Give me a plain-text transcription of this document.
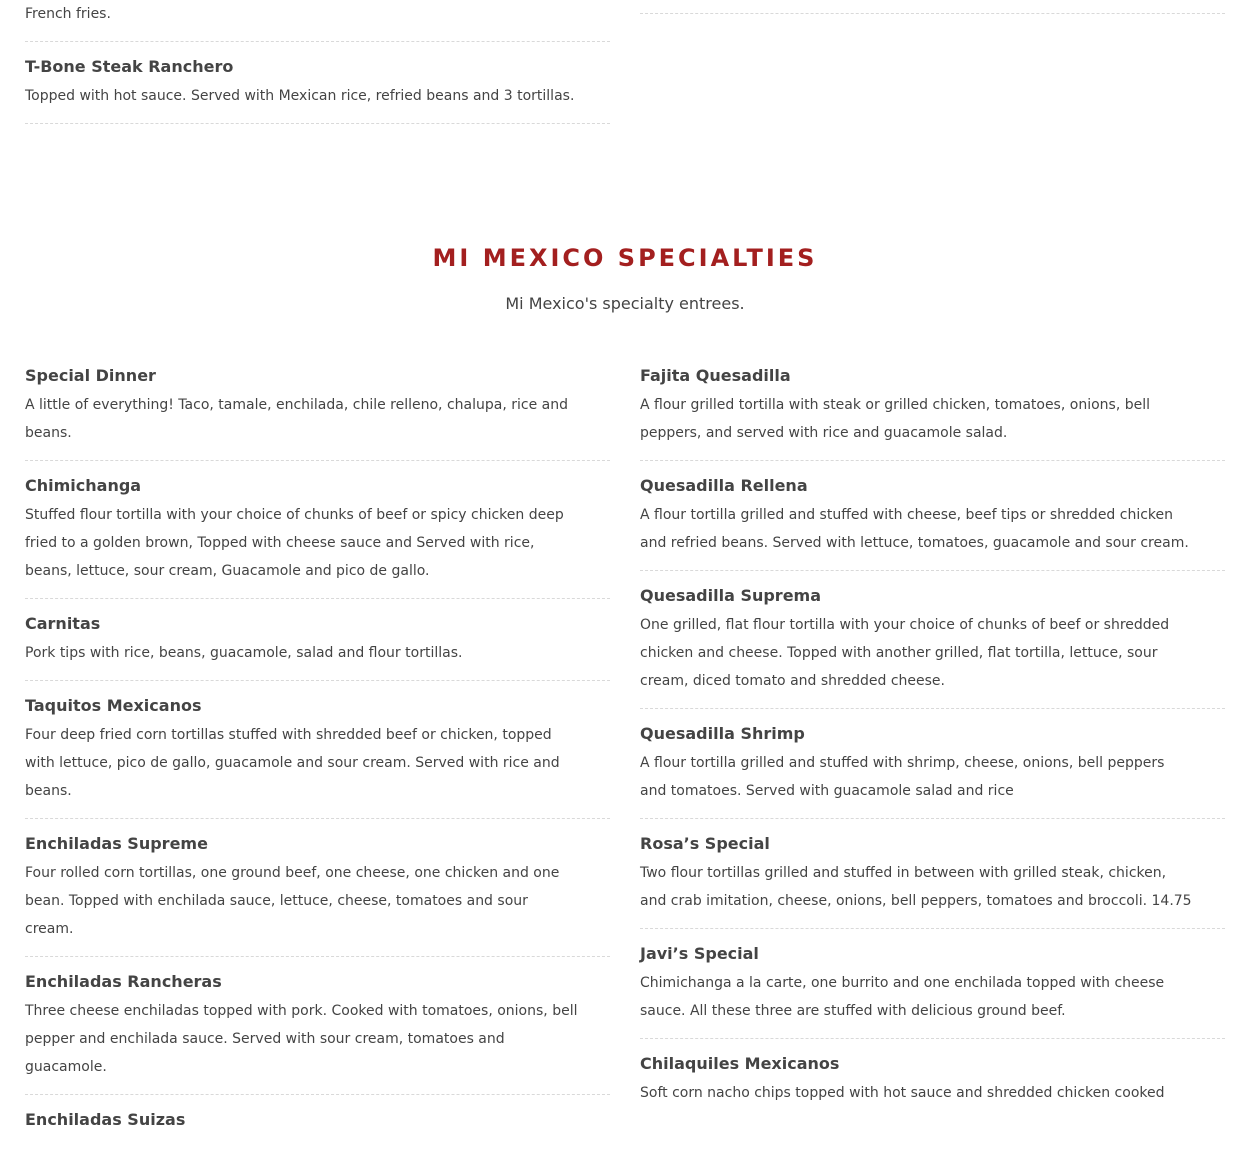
French fries.

T-Bone Steak Ranchero

Topped with hot sauce. Served with Mexican rice, refried beans and 3 tortillas.

MI MEXICO SPECIALTIES

Mi Mexico's specialty entrees.

Special Dinner

A little of everything! Taco, tamale, enchilada, chile relleno, chalupa, rice and beans.

Chimichanga

Stuffed flour tortilla with your choice of chunks of beef or spicy chicken deep fried to a golden brown, Topped with cheese sauce and Served with rice, beans, lettuce, sour cream, Guacamole and pico de gallo.

Carnitas

Pork tips with rice, beans, guacamole, salad and flour tortillas.

Taquitos Mexicanos

Four deep fried corn tortillas stuffed with shredded beef or chicken, topped with lettuce, pico de gallo, guacamole and sour cream. Served with rice and beans.

Enchiladas Supreme

Four rolled corn tortillas, one ground beef, one cheese, one chicken and one bean. Topped with enchilada sauce, lettuce, cheese, tomatoes and sour cream.

Enchiladas Rancheras

Three cheese enchiladas topped with pork. Cooked with tomatoes, onions, bell pepper and enchilada sauce. Served with sour cream, tomatoes and guacamole.

Enchiladas Suizas

Fajita Quesadilla

A flour grilled tortilla with steak or grilled chicken, tomatoes, onions, bell peppers, and served with rice and guacamole salad.

Quesadilla Rellena

A flour tortilla grilled and stuffed with cheese, beef tips or shredded chicken and refried beans. Served with lettuce, tomatoes, guacamole and sour cream.

Quesadilla Suprema

One grilled, flat flour tortilla with your choice of chunks of beef or shredded chicken and cheese. Topped with another grilled, flat tortilla, lettuce, sour cream, diced tomato and shredded cheese.

Quesadilla Shrimp

A flour tortilla grilled and stuffed with shrimp, cheese, onions, bell peppers and tomatoes. Served with guacamole salad and rice

Rosa’s Special

Two flour tortillas grilled and stuffed in between with grilled steak, chicken, and crab imitation, cheese, onions, bell peppers, tomatoes and broccoli. 14.75

Javi’s Special

Chimichanga a la carte, one burrito and one enchilada topped with cheese sauce. All these three are stuffed with delicious ground beef.

Chilaquiles Mexicanos

Soft corn nacho chips topped with hot sauce and shredded chicken cooked
